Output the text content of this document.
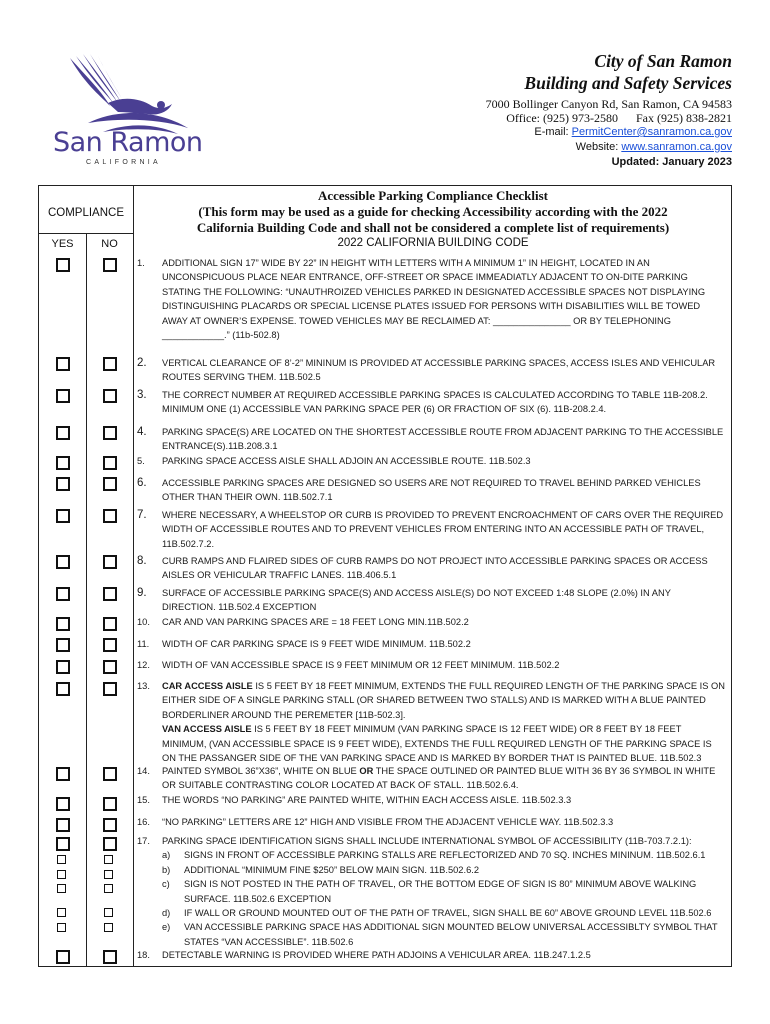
San Ramon
CALIFORNIA
City of San Ramon
Building and Safety Services
7000 Bollinger Canyon Rd, San Ramon, CA 94583
Office: (925) 973-2580      Fax (925) 838-2821
E-mail: PermitCenter@sanramon.ca.gov
Website: www.sanramon.ca.gov
Updated: January 2023
COMPLIANCE
YES	NO
Accessible Parking Compliance Checklist
(This form may be used as a guide for checking Accessibility according with the 2022
California Building Code and shall not be considered a complete list of requirements)
2022 CALIFORNIA BUILDING CODE
1. ADDITIONAL SIGN 17” WIDE BY 22” IN HEIGHT WITH LETTERS WITH A MINIMUM 1” IN HEIGHT, LOCATED IN AN UNCONSPICUOUS PLACE NEAR ENTRANCE, OFF-STREET OR SPACE IMMEADIATLY ADJACENT TO ON-DITE PARKING STATING THE FOLLOWING: “UNAUTHROIZED VEHICLES PARKED IN DESIGNATED ACCESSIBLE SPACES NOT DISPLAYING DISTINGUISHING PLACARDS OR SPECIAL LICENSE PLATES ISSUED FOR PERSONS WITH DISABILITIES WILL BE TOWED AWAY AT OWNER’S EXPENSE. TOWED VEHICLES MAY BE RECLAIMED AT: _______________ OR BY TELEPHONING ____________.” (11b-502.8)
2. VERTICAL CLEARANCE OF 8’-2” MININUM IS PROVIDED AT ACCESSIBLE PARKING SPACES, ACCESS ISLES AND VEHICULAR ROUTES SERVING THEM. 11B.502.5
3. THE CORRECT NUMBER AT REQUIRED ACCESSIBLE PARKING SPACES IS CALCULATED ACCORDING TO TABLE 11B-208.2. MINIMUM ONE (1) ACCESSIBLE VAN PARKING SPACE PER (6) OR FRACTION OF SIX (6). 11B-208.2.4.
4. PARKING SPACE(S) ARE LOCATED ON THE SHORTEST ACCESSIBLE ROUTE FROM ADJACENT PARKING TO THE ACCESSIBLE ENTRANCE(S).11B.208.3.1
5. PARKING SPACE ACCESS AISLE SHALL ADJOIN AN ACCESSIBLE ROUTE. 11B.502.3
6. ACCESSIBLE PARKING SPACES ARE DESIGNED SO USERS ARE NOT REQUIRED TO TRAVEL BEHIND PARKED VEHICLES OTHER THAN THEIR OWN. 11B.502.7.1
7. WHERE NECESSARY, A WHEELSTOP OR CURB IS PROVIDED TO PREVENT ENCROACHMENT OF CARS OVER THE REQUIRED WIDTH OF ACCESSIBLE ROUTES AND TO PREVENT VEHICLES FROM ENTERING INTO AN ACCESSIBLE PATH OF TRAVEL, 11B.502.7.2.
8. CURB RAMPS AND FLAIRED SIDES OF CURB RAMPS DO NOT PROJECT INTO ACCESSIBLE PARKING SPACES OR ACCESS AISLES OR VEHICULAR TRAFFIC LANES. 11B.406.5.1
9. SURFACE OF ACCESSIBLE PARKING SPACE(S) AND ACCESS AISLE(S) DO NOT EXCEED 1:48 SLOPE (2.0%) IN ANY DIRECTION. 11B.502.4 EXCEPTION
10. CAR AND VAN PARKING SPACES ARE = 18 FEET LONG MIN.11B.502.2
11. WIDTH OF CAR PARKING SPACE IS 9 FEET WIDE MINIMUM. 11B.502.2
12. WIDTH OF VAN ACCESSIBLE SPACE IS 9 FEET MINIMUM OR 12 FEET MINIMUM. 11B.502.2
13. CAR ACCESS AISLE IS 5 FEET BY 18 FEET MINIMUM, EXTENDS THE FULL REQUIRED LENGTH OF THE PARKING SPACE IS ON EITHER SIDE OF A SINGLE PARKING STALL (OR SHARED BETWEEN TWO STALLS) AND IS MARKED WITH A BLUE PAINTED BORDERLINER AROUND THE PEREMETER [11B-502.3].
VAN ACCESS AISLE IS 5 FEET BY 18 FEET MINIMUM (VAN PARKING SPACE IS 12 FEET WIDE) OR 8 FEET BY 18 FEET MINIMUM, (VAN ACCESSIBLE SPACE IS 9 FEET WIDE), EXTENDS THE FULL REQUIRED LENGTH OF THE PARKING SPACE IS ON THE PASSANGER SIDE OF THE VAN PARKING SPACE AND IS MARKED BY BORDER THAT IS PAINTED BLUE. 11B.502.3
14. PAINTED SYMBOL 36”X36”, WHITE ON BLUE OR THE SPACE OUTLINED OR PAINTED BLUE WITH 36 BY 36 SYMBOL IN WHITE OR SUITABLE CONTRASTING COLOR LOCATED AT BACK OF STALL. 11B.502.6.4.
15. THE WORDS “NO PARKING” ARE PAINTED WHITE, WITHIN EACH ACCESS AISLE. 11B.502.3.3
16. “NO PARKING” LETTERS ARE 12” HIGH AND VISIBLE FROM THE ADJACENT VEHICLE WAY. 11B.502.3.3
17. PARKING SPACE IDENTIFICATION SIGNS SHALL INCLUDE INTERNATIONAL SYMBOL OF ACCESSIBILITY (11B-703.7.2.1):
a) SIGNS IN FRONT OF ACCESSIBLE PARKING STALLS ARE REFLECTORIZED AND 70 SQ. INCHES MININUM. 11B.502.6.1
b) ADDITIONAL “MINIMUM FINE $250” BELOW MAIN SIGN. 11B.502.6.2
c) SIGN IS NOT POSTED IN THE PATH OF TRAVEL, OR THE BOTTOM EDGE OF SIGN IS 80” MINIMUM ABOVE WALKING SURFACE. 11B.502.6 EXCEPTION
d) IF WALL OR GROUND MOUNTED OUT OF THE PATH OF TRAVEL, SIGN SHALL BE 60” ABOVE GROUND LEVEL 11B.502.6
e) VAN ACCESSIBLE PARKING SPACE HAS ADDITIONAL SIGN MOUNTED BELOW UNIVERSAL ACCESSIBLTY SYMBOL THAT STATES “VAN ACCESSIBLE”. 11B.502.6
18. DETECTABLE WARNING IS PROVIDED WHERE PATH ADJOINS A VEHICULAR AREA. 11B.247.1.2.5
